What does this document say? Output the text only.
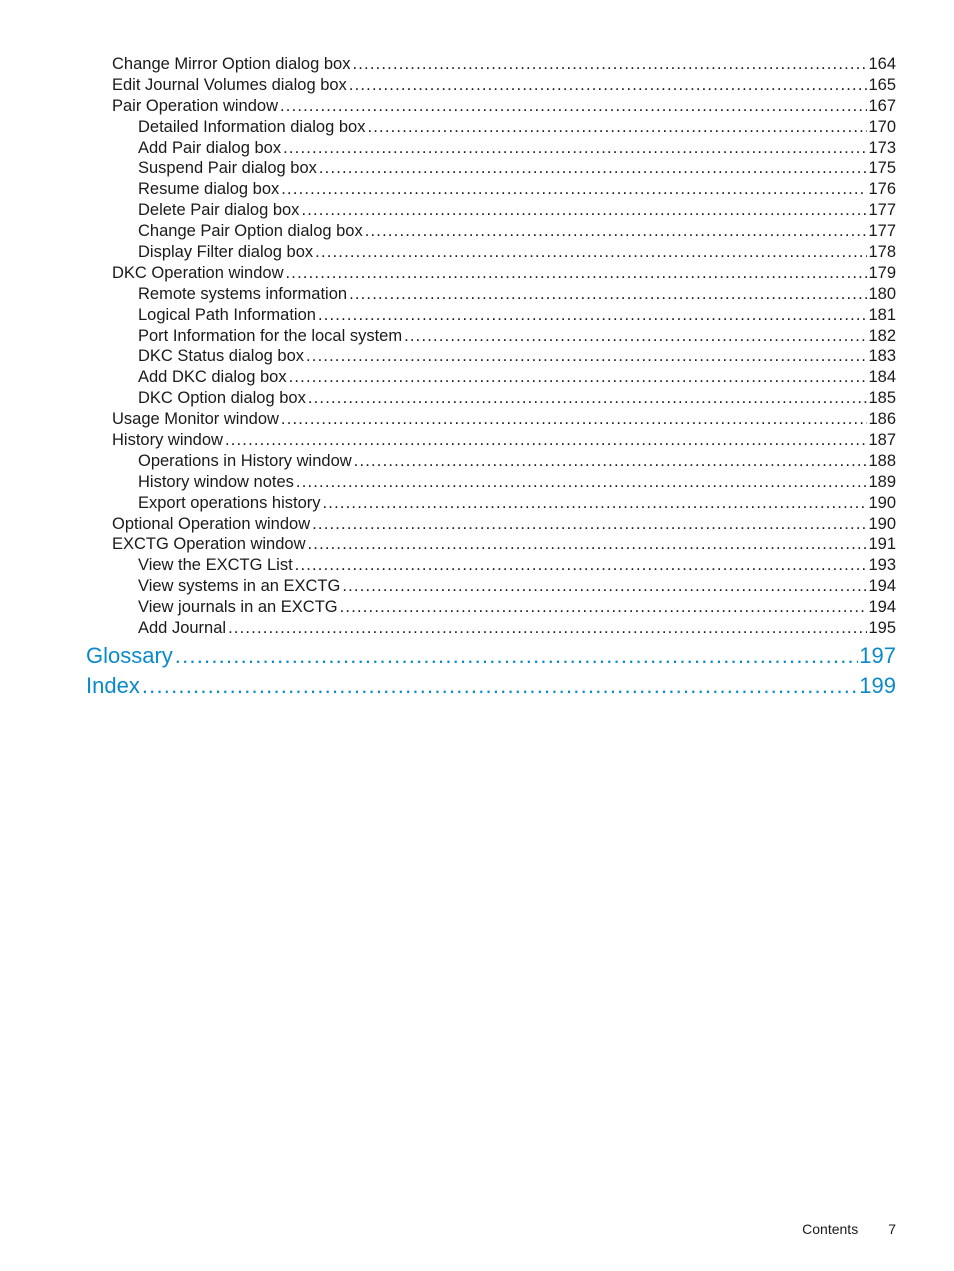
Change Mirror Option dialog box .....	164
Edit Journal Volumes dialog box .....	165
Pair Operation window .....	167
Detailed Information dialog box .....	170
Add Pair dialog box .....	173
Suspend Pair dialog box .....	175
Resume dialog box .....	176
Delete Pair dialog box .....	177
Change Pair Option dialog box .....	177
Display Filter dialog box .....	178
DKC Operation window .....	179
Remote systems information .....	180
Logical Path Information .....	181
Port Information for the local system .....	182
DKC Status dialog box .....	183
Add DKC dialog box .....	184
DKC Option dialog box .....	185
Usage Monitor window .....	186
History window .....	187
Operations in History window .....	188
History window notes .....	189
Export operations history .....	190
Optional Operation window .....	190
EXCTG Operation window .....	191
View the EXCTG List .....	193
View systems in an EXCTG .....	194
View journals in an EXCTG .....	194
Add Journal .....	195
Glossary .....	197
Index .....	199
Contents 7
